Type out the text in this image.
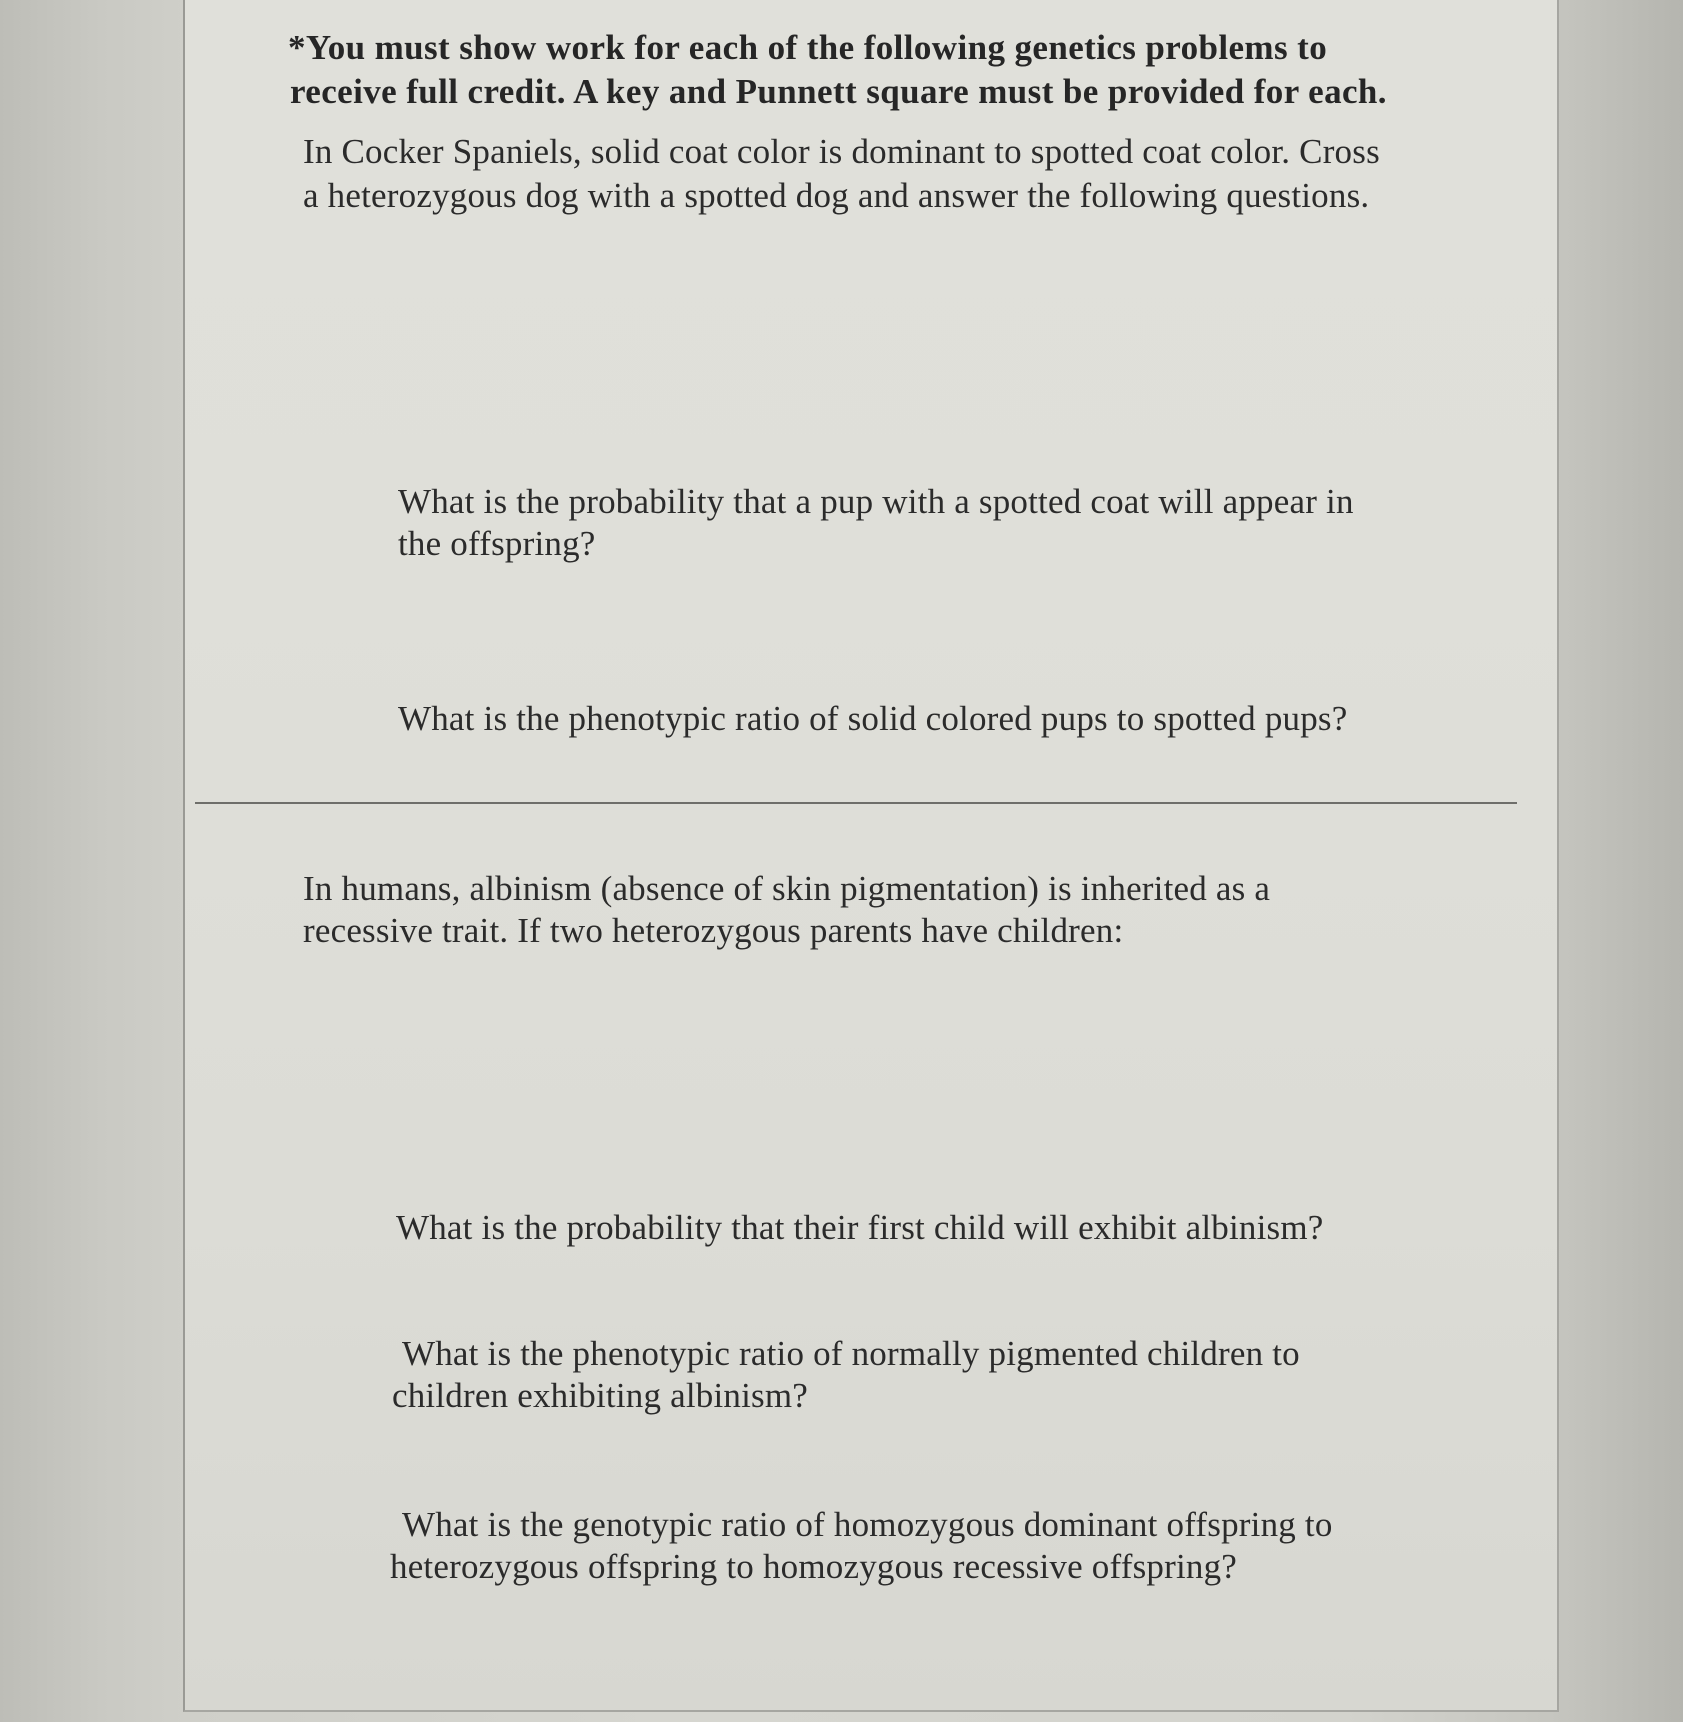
*You must show work for each of the following genetics problems to

receive full credit. A key and Punnett square must be provided for each.

In Cocker Spaniels, solid coat color is dominant to spotted coat color. Cross

a heterozygous dog with a spotted dog and answer the following questions.

What is the probability that a pup with a spotted coat will appear in

the offspring?

What is the phenotypic ratio of solid colored pups to spotted pups?

In humans, albinism (absence of skin pigmentation) is inherited as a

recessive trait. If two heterozygous parents have children:

What is the probability that their first child will exhibit albinism?

What is the phenotypic ratio of normally pigmented children to

children exhibiting albinism?

What is the genotypic ratio of homozygous dominant offspring to

heterozygous offspring to homozygous recessive offspring?
